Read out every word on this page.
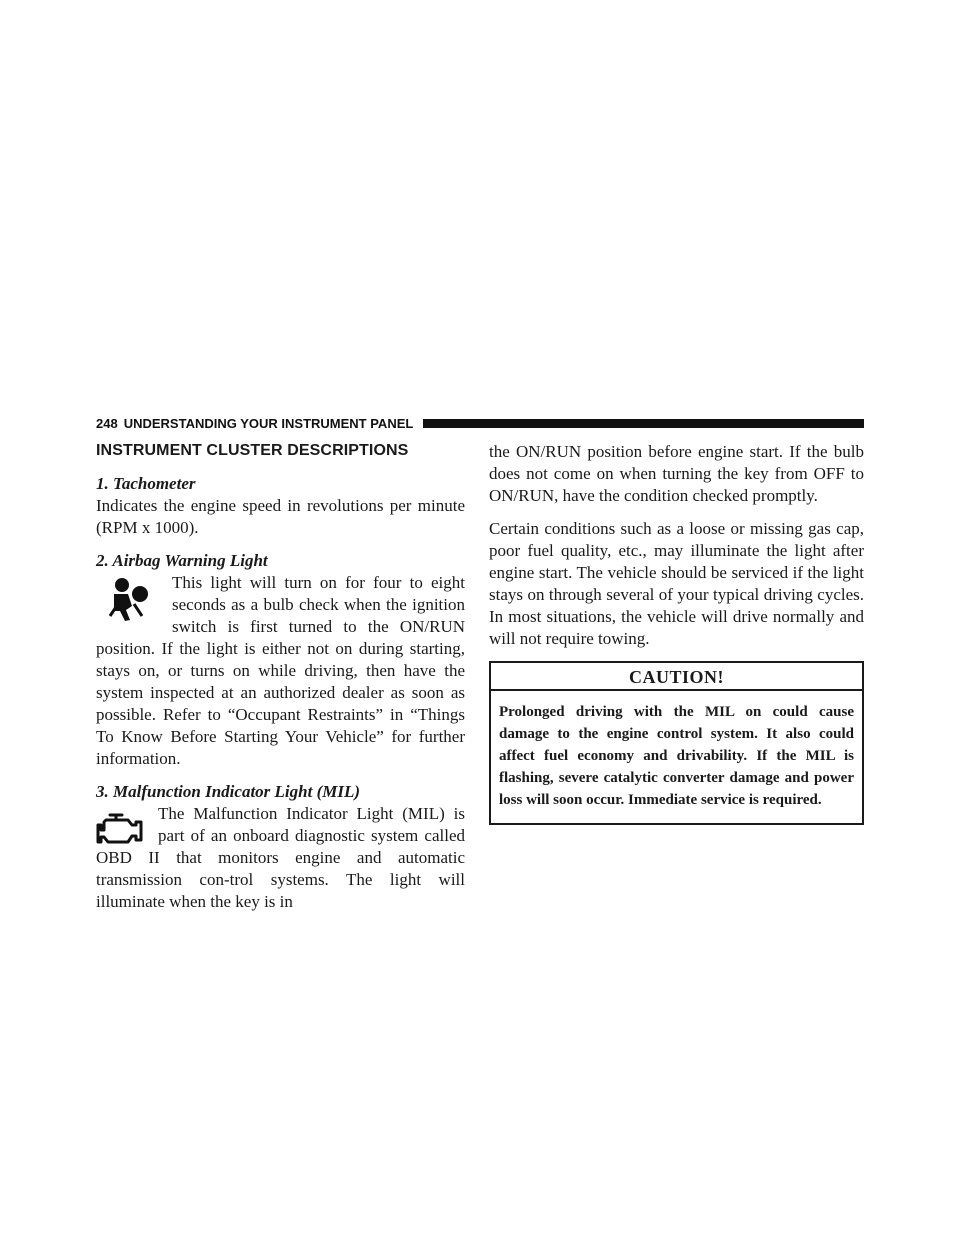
248 UNDERSTANDING YOUR INSTRUMENT PANEL
INSTRUMENT CLUSTER DESCRIPTIONS

1. Tachometer

Indicates the engine speed in revolutions per minute (RPM x 1000).

2. Airbag Warning Light

This light will turn on for four to eight seconds as a bulb check when the ignition switch is first turned to the ON/RUN position. If the light is either not on during starting, stays on, or turns on while driving, then have the system inspected at an authorized dealer as soon as possible. Refer to “Occupant Restraints” in “Things To Know Before Starting Your Vehicle” for further information.

3. Malfunction Indicator Light (MIL)

The Malfunction Indicator Light (MIL) is part of an onboard diagnostic system called OBD II that monitors engine and automatic transmission con-trol systems. The light will illuminate when the key is in

the ON/RUN position before engine start. If the bulb does not come on when turning the key from OFF to ON/RUN, have the condition checked promptly.

Certain conditions such as a loose or missing gas cap, poor fuel quality, etc., may illuminate the light after engine start. The vehicle should be serviced if the light stays on through several of your typical driving cycles. In most situations, the vehicle will drive normally and will not require towing.

CAUTION!
Prolonged driving with the MIL on could cause damage to the engine control system. It also could affect fuel economy and drivability. If the MIL is flashing, severe catalytic converter damage and power loss will soon occur. Immediate service is required.
